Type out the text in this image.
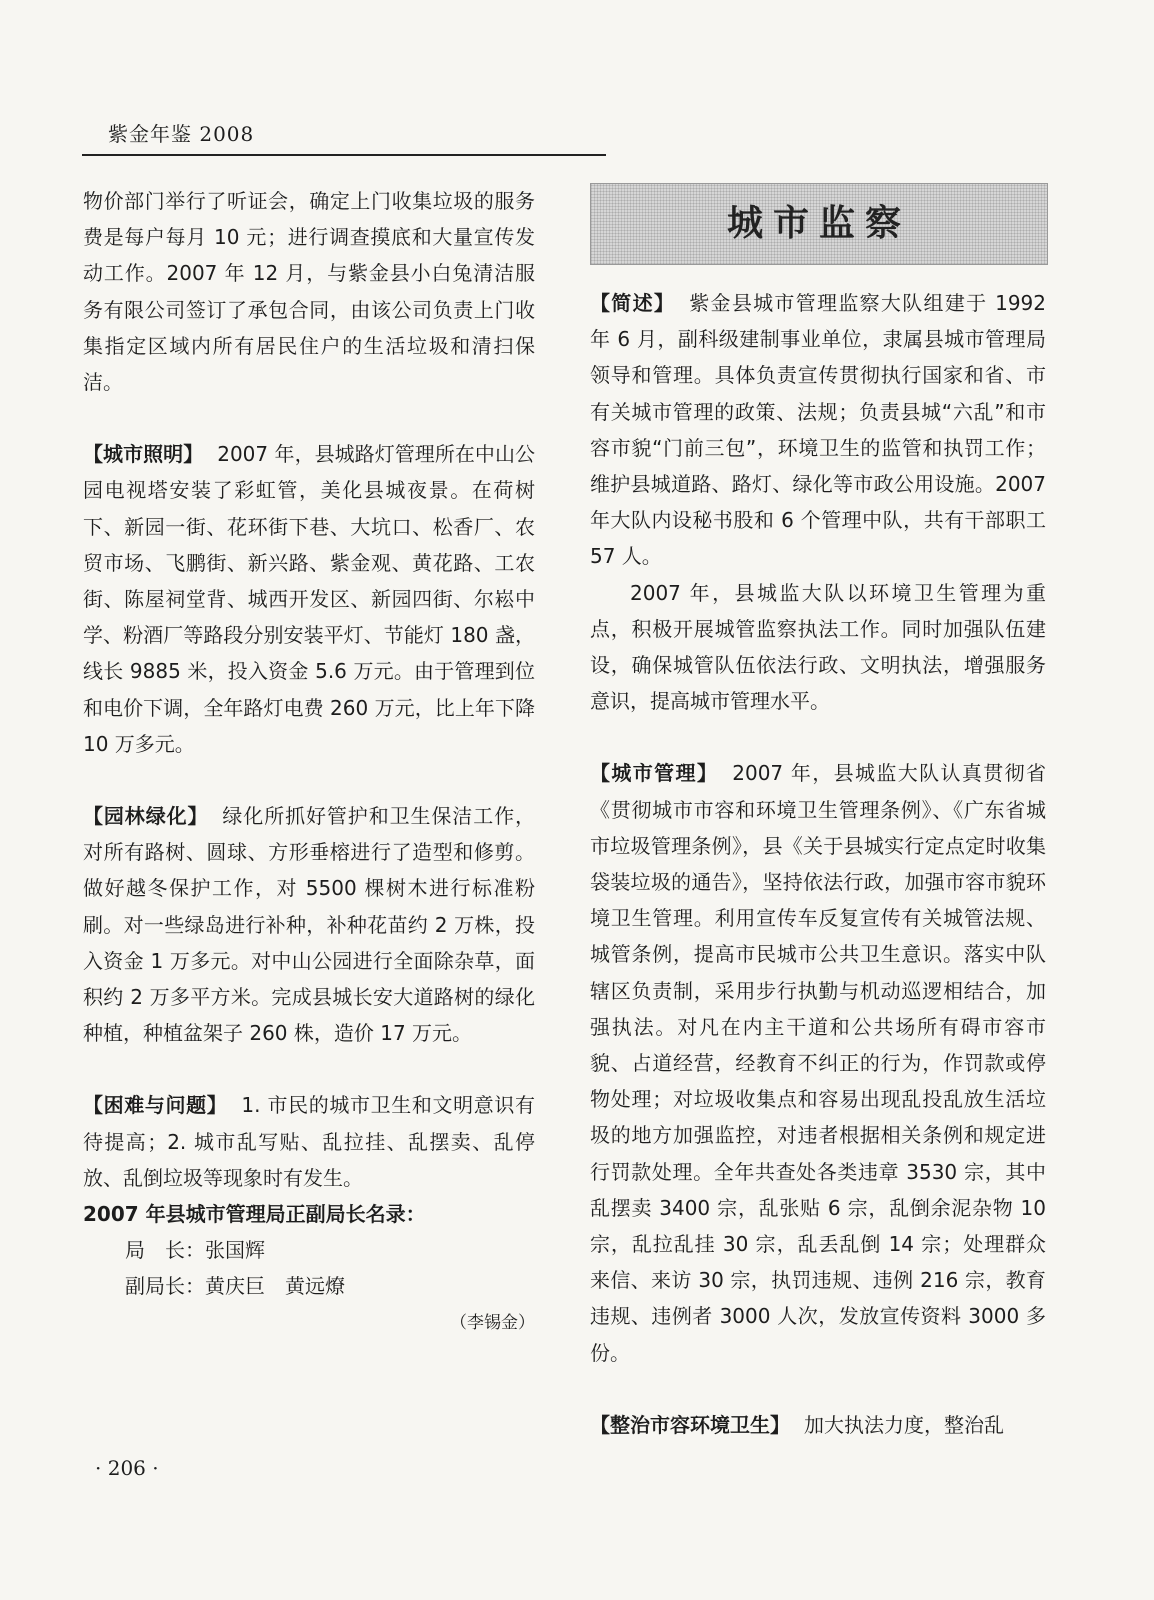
紫金年鉴 2008

物价部门举行了听证会，确定上门收集垃圾的服务费是每户每月 10 元；进行调查摸底和大量宣传发动工作。2007 年 12 月，与紫金县小白兔清洁服务有限公司签订了承包合同，由该公司负责上门收集指定区域内所有居民住户的生活垃圾和清扫保洁。

【城市照明】 2007 年，县城路灯管理所在中山公园电视塔安装了彩虹管，美化县城夜景。在荷树下、新园一街、花环街下巷、大坑口、松香厂、农贸市场、飞鹏街、新兴路、紫金观、黄花路、工农街、陈屋祠堂背、城西开发区、新园四街、尔崧中学、粉酒厂等路段分别安装平灯、节能灯 180 盏，线长 9885 米，投入资金 5.6 万元。由于管理到位和电价下调，全年路灯电费 260 万元，比上年下降 10 万多元。

【园林绿化】 绿化所抓好管护和卫生保洁工作，对所有路树、圆球、方形垂榕进行了造型和修剪。做好越冬保护工作，对 5500 棵树木进行标准粉刷。对一些绿岛进行补种，补种花苗约 2 万株，投入资金 1 万多元。对中山公园进行全面除杂草，面积约 2 万多平方米。完成县城长安大道路树的绿化种植，种植盆架子 260 株，造价 17 万元。

【困难与问题】 1. 市民的城市卫生和文明意识有待提高；2. 城市乱写贴、乱拉挂、乱摆卖、乱停放、乱倒垃圾等现象时有发生。

2007 年县城市管理局正副局长名录：

局　长：张国辉

副局长：黄庆巨　黄远燎

（李锡金）

城市监察

【简述】 紫金县城市管理监察大队组建于 1992 年 6 月，副科级建制事业单位，隶属县城市管理局领导和管理。具体负责宣传贯彻执行国家和省、市有关城市管理的政策、法规；负责县城“六乱”和市容市貌“门前三包”，环境卫生的监管和执罚工作；维护县城道路、路灯、绿化等市政公用设施。2007 年大队内设秘书股和 6 个管理中队，共有干部职工 57 人。

2007 年，县城监大队以环境卫生管理为重点，积极开展城管监察执法工作。同时加强队伍建设，确保城管队伍依法行政、文明执法，增强服务意识，提高城市管理水平。

【城市管理】 2007 年，县城监大队认真贯彻省《贯彻城市市容和环境卫生管理条例》、《广东省城市垃圾管理条例》，县《关于县城实行定点定时收集袋装垃圾的通告》，坚持依法行政，加强市容市貌环境卫生管理。利用宣传车反复宣传有关城管法规、城管条例，提高市民城市公共卫生意识。落实中队辖区负责制，采用步行执勤与机动巡逻相结合，加强执法。对凡在内主干道和公共场所有碍市容市貌、占道经营，经教育不纠正的行为，作罚款或停物处理；对垃圾收集点和容易出现乱投乱放生活垃圾的地方加强监控，对违者根据相关条例和规定进行罚款处理。全年共查处各类违章 3530 宗，其中乱摆卖 3400 宗，乱张贴 6 宗，乱倒余泥杂物 10 宗，乱拉乱挂 30 宗，乱丢乱倒 14 宗；处理群众来信、来访 30 宗，执罚违规、违例 216 宗，教育违规、违例者 3000 人次，发放宣传资料 3000 多份。

【整治市容环境卫生】 加大执法力度，整治乱

· 206 ·
